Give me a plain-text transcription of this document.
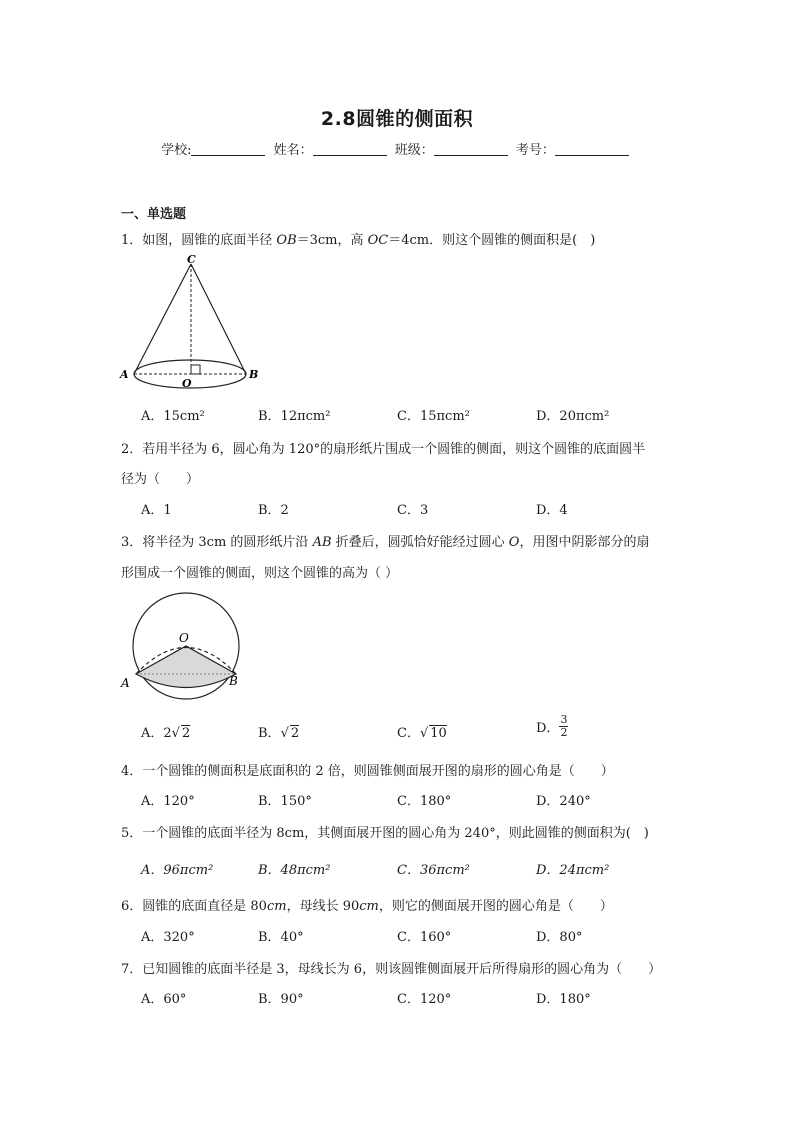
2.8圆锥的侧面积
学校:	姓名：	班级：	考号：
一、单选题
1．如图，圆锥的底面半径 OB＝3cm，高 OC＝4cm．则这个圆锥的侧面积是(　)
C
A	B
O
A．15cm²	B．12πcm²	C．15πcm²	D．20πcm²
2．若用半径为 6，圆心角为 120°的扇形纸片围成一个圆锥的侧面，则这个圆锥的底面圆半
径为（　　）
A．1	B．2	C．3	D．4
3．将半径为 3cm 的圆形纸片沿 AB 折叠后，圆弧恰好能经过圆心 O，用图中阴影部分的扇
形围成一个圆锥的侧面，则这个圆锥的高为（ ）
O
A	B
A．2√ 2	B．√ 2	C．√ 10	D． $\frac{3}{2}$
4．一个圆锥的侧面积是底面积的 2 倍，则圆锥侧面展开图的扇形的圆心角是（　　）
A．120°	B．150°	C．180°	D．240°
5．一个圆锥的底面半径为 8cm，其侧面展开图的圆心角为 240°，则此圆锥的侧面积为(　)
A．96πcm²	B．48πcm²	C．36πcm²	D．24πcm²
6．圆锥的底面直径是 80cm，母线长 90cm，则它的侧面展开图的圆心角是（　　）
A．320°	B．40°	C．160°	D．80°
7．已知圆锥的底面半径是 3，母线长为 6，则该圆锥侧面展开后所得扇形的圆心角为（　　）
A．60°	B．90°	C．120°	D．180°
